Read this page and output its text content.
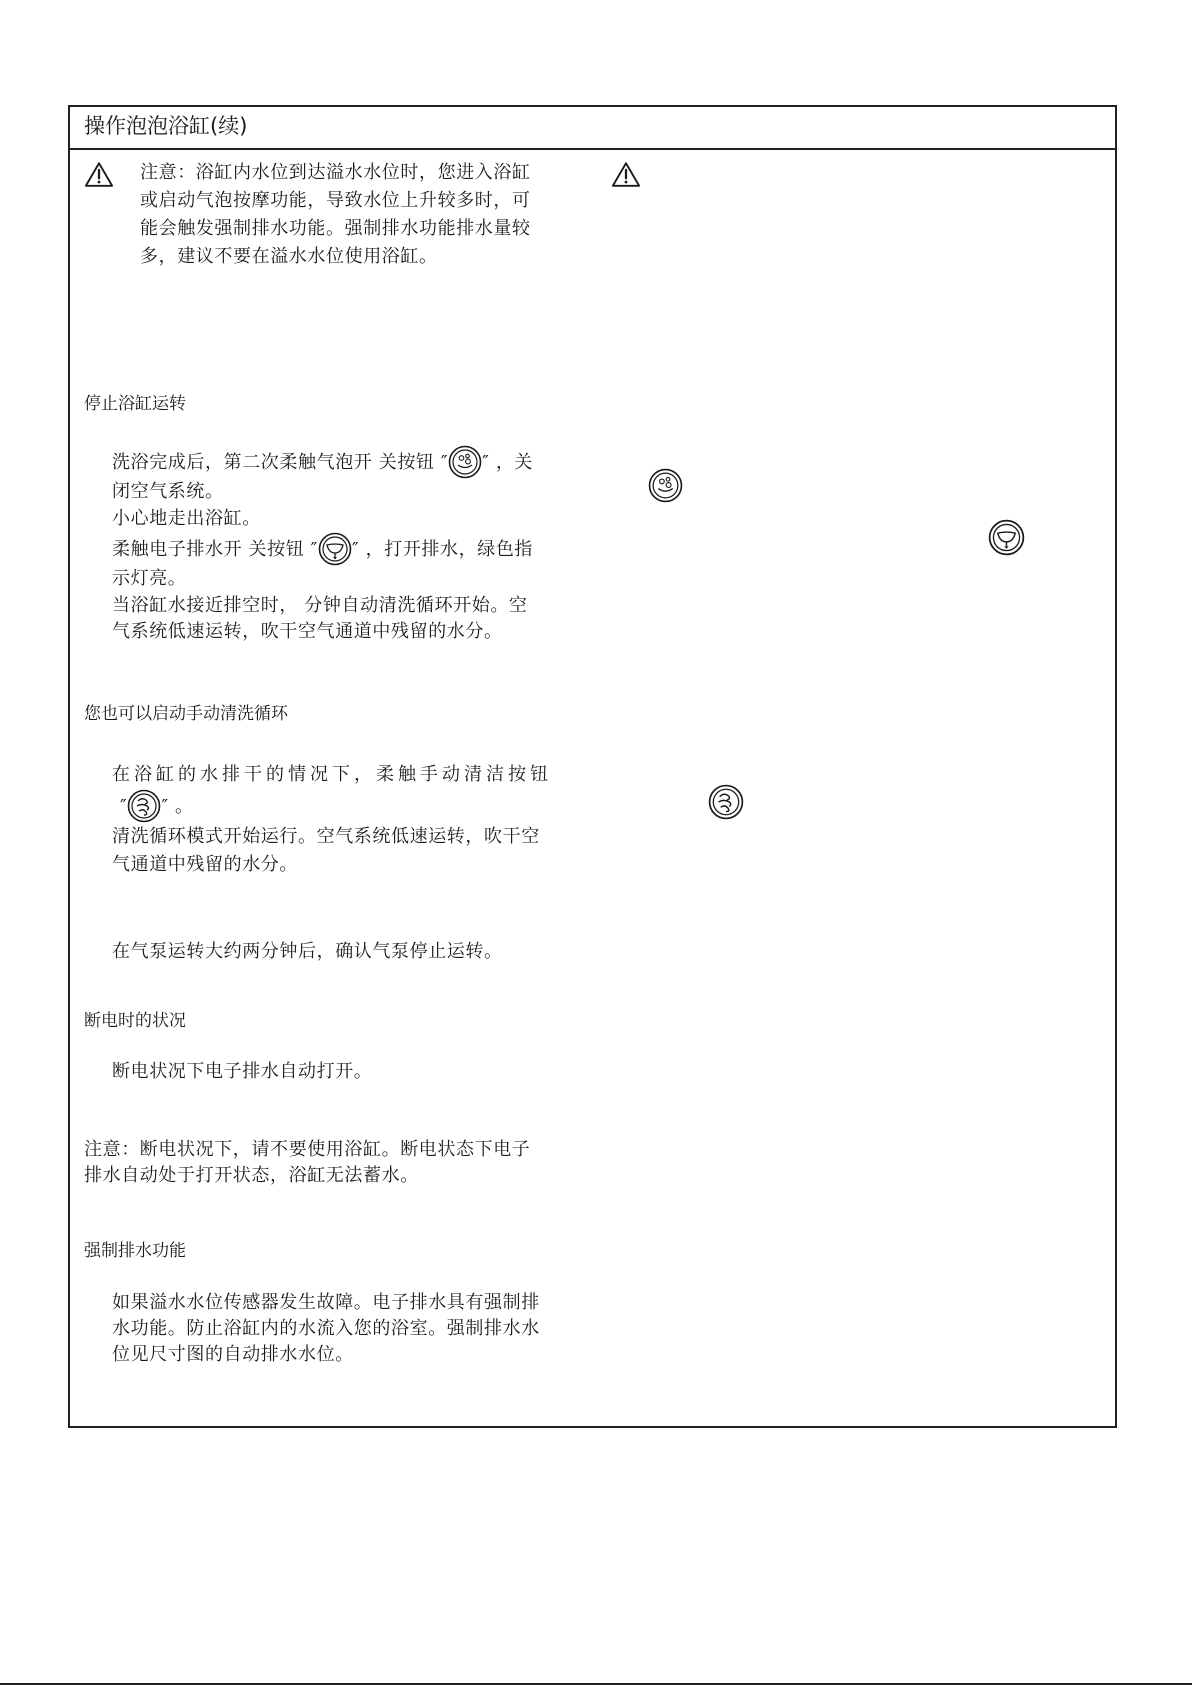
操作泡泡浴缸(续)
注意：浴缸内水位到达溢水水位时，您进入浴缸
或启动气泡按摩功能，导致水位上升较多时，可
能会触发强制排水功能。强制排水功能排水量较
多，建议不要在溢水水位使用浴缸。
停止浴缸运转
洗浴完成后，第二次柔触气泡开 关按钮 ″ ″ ，关
闭空气系统。
小心地走出浴缸。
柔触电子排水开 关按钮 ″ ″ ，打开排水，绿色指
示灯亮。
当浴缸水接近排空时， 分钟自动清洗循环开始。空
气系统低速运转，吹干空气通道中残留的水分。
您也可以启动手动清洗循环
在浴缸的水排干的情况下，柔触手动清洁按钮
″ ″ 。
清洗循环模式开始运行。空气系统低速运转，吹干空
气通道中残留的水分。
在气泵运转大约两分钟后，确认气泵停止运转。
断电时的状况
断电状况下电子排水自动打开。
注意：断电状况下，请不要使用浴缸。断电状态下电子
排水自动处于打开状态，浴缸无法蓄水。
强制排水功能
如果溢水水位传感器发生故障。电子排水具有强制排
水功能。防止浴缸内的水流入您的浴室。强制排水水
位见尺寸图的自动排水水位。
